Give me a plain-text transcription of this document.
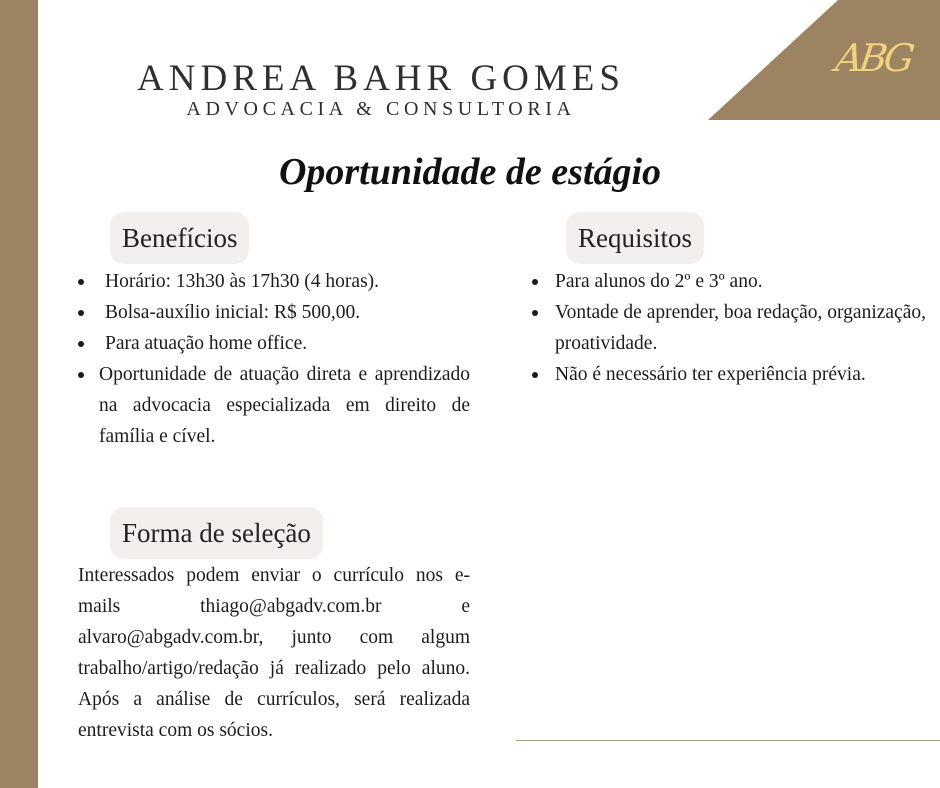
ABG
ANDREA BAHR GOMES
ADVOCACIA & CONSULTORIA
Oportunidade de estágio
Benefícios
Horário: 13h30 às 17h30 (4 horas).
Bolsa-auxílio inicial: R$ 500,00.
Para atuação home office.
Oportunidade de atuação direta e aprendizado na advocacia especializada em direito de família e cível.
Requisitos
Para alunos do 2º e 3º ano.
Vontade de aprender, boa redação, organização, proatividade.
Não é necessário ter experiência prévia.
Forma de seleção
Interessados podem enviar o currículo nos e-mails thiago@abgadv.com.br e alvaro@abgadv.com.br, junto com algum trabalho/artigo/redação já realizado pelo aluno. Após a análise de currículos, será realizada entrevista com os sócios.
